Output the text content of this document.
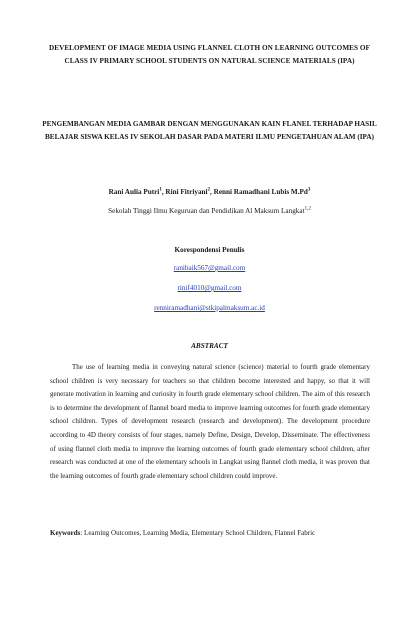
DEVELOPMENT OF IMAGE MEDIA USING FLANNEL CLOTH ON LEARNING OUTCOMES OF CLASS IV PRIMARY SCHOOL STUDENTS ON NATURAL SCIENCE MATERIALS (IPA)
PENGEMBANGAN MEDIA GAMBAR DENGAN MENGGUNAKAN KAIN FLANEL TERHADAP HASIL BELAJAR SISWA KELAS IV SEKOLAH DASAR PADA MATERI ILMU PENGETAHUAN ALAM (IPA)
Rani Aulia Putri$^1$, Rini Fitriyani$^2$, Renni Ramadhani Lubis M.Pd$^3$
Sekolah Tinggi Ilmu Keguruan dan Pendidikan Al Maksum Langkat$^{1,2}$
Korespondensi Penulis
ranibaik567@gmail.com
rinif4010@gmail.com
renniramadhani@stkipalmaksum.ac.id
ABSTRACT
The use of learning media in conveying natural science (science) material to fourth grade elementary school children is very necessary for teachers so that children become interested and happy, so that it will generate motivation in learning and curiosity in fourth grade elementary school children. The aim of this research is to determine the development of flannel board media to improve learning outcomes for fourth grade elementary school children. Types of development research (research and development). The development procedure according to 4D theory consists of four stages, namely Define, Design, Develop, Disseminate. The effectiveness of using flannel cloth media to improve the learning outcomes of fourth grade elementary school children, after research was conducted at one of the elementary schools in Langkat using flannel cloth media, it was proven that the learning outcomes of fourth grade elementary school children could improve.
Keywords: Learning Outcomes, Learning Media, Elementary School Children, Flannel Fabric
